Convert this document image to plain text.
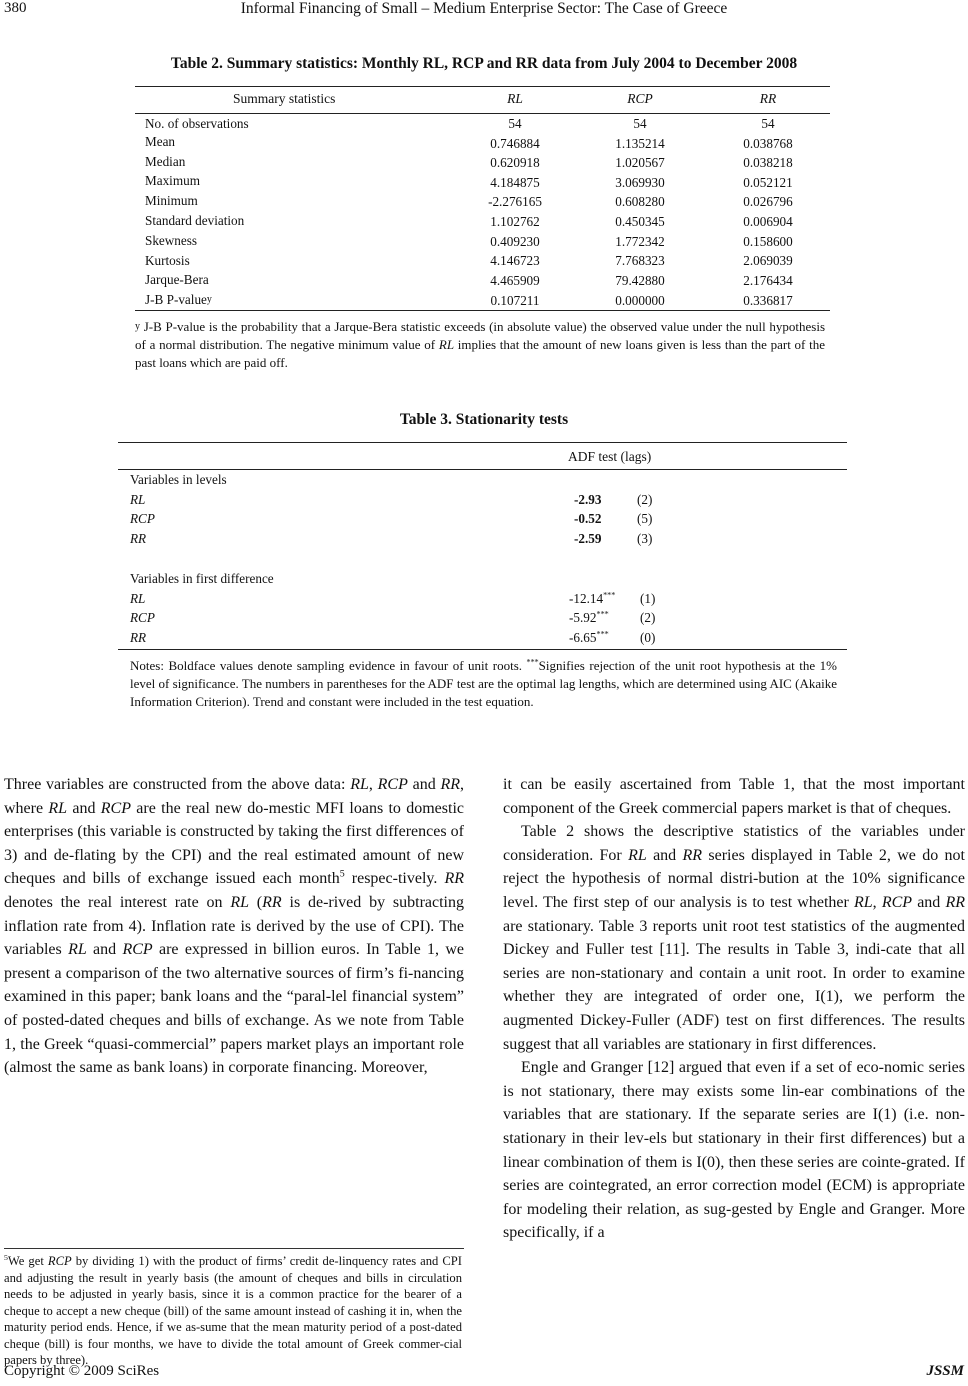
380	Informal Financing of Small – Medium Enterprise Sector: The Case of Greece
Table 2. Summary statistics: Monthly RL, RCP and RR data from July 2004 to December 2008
Summary statistics	RL	RCP	RR
No. of observations	54	54	54
Mean	0.746884	1.135214	0.038768
Median	0.620918	1.020567	0.038218
Maximum	4.184875	3.069930	0.052121
Minimum	-2.276165	0.608280	0.026796
Standard deviation	1.102762	0.450345	0.006904
Skewness	0.409230	1.772342	0.158600
Kurtosis	4.146723	7.768323	2.069039
Jarque-Bera	4.465909	79.42880	2.176434
J-B P-valuey	0.107211	0.000000	0.336817
y J-B P-value is the probability that a Jarque-Bera statistic exceeds (in absolute value) the observed value under the null hypothesis of a normal distribution. The negative minimum value of RL implies that the amount of new loans given is less than the part of the past loans which are paid off.
Table 3. Stationarity tests
ADF test (lags)
Variables in levels
RL	-2.93	(2)
RCP	-0.52	(5)
RR	-2.59	(3)
Variables in first difference
RL	-12.14*** (1)
RCP	-5.92*** (2)
RR	-6.65*** (0)
Notes: Boldface values denote sampling evidence in favour of unit roots. ***Signifies rejection of the unit root hypothesis at the 1% level of significance. The numbers in parentheses for the ADF test are the optimal lag lengths, which are determined using AIC (Akaike Information Criterion). Trend and constant were included in the test equation.

Three variables are constructed from the above data: RL, RCP and RR, where RL and RCP are the real new do-mestic MFI loans to domestic enterprises (this variable is constructed by taking the first differences of 3) and de-flating by the CPI) and the real estimated amount of new cheques and bills of exchange issued each month$^5$ respec-tively. RR denotes the real interest rate on RL (RR is de-rived by subtracting inflation rate from 4). Inflation rate is derived by the use of CPI). The variables RL and RCP are expressed in billion euros. In Table 1, we present a comparison of the two alternative sources of firm’s fi-nancing examined in this paper; bank loans and the “paral-lel financial system” of posted-dated cheques and bills of exchange. As we note from Table 1, the Greek “quasi-commercial” papers market plays an important role (almost the same as bank loans) in corporate financing. Moreover,

$^5$We get RCP by dividing 1) with the product of firms’ credit de-linquency rates and CPI and adjusting the result in yearly basis (the amount of cheques and bills in circulation needs to be adjusted in yearly basis, since it is a common practice for the bearer of a cheque to accept a new cheque (bill) of the same amount instead of cashing it in, when the maturity period ends. Hence, if we as-sume that the mean maturity period of a post-dated cheque (bill) is four months, we have to divide the total amount of Greek commer-cial papers by three).

it can be easily ascertained from Table 1, that the most important component of the Greek commercial papers market is that of cheques.

Table 2 shows the descriptive statistics of the variables under consideration. For RL and RR series displayed in Table 2, we do not reject the hypothesis of normal distri-bution at the 10% significance level. The first step of our analysis is to test whether RL, RCP and RR are stationary. Table 3 reports unit root test statistics of the augmented Dickey and Fuller test [11]. The results in Table 3, indi-cate that all series are non-stationary and contain a unit root. In order to examine whether they are integrated of order one, I(1), we perform the augmented Dickey-Fuller (ADF) test on first differences. The results suggest that all variables are stationary in first differences.

Engle and Granger [12] argued that even if a set of eco-nomic series is not stationary, there may exists some lin-ear combinations of the variables that are stationary. If the separate series are I(1) (i.e. non-stationary in their lev-els but stationary in their first differences) but a linear combination of them is I(0), then these series are cointe-grated. If series are cointegrated, an error correction model (ECM) is appropriate for modeling their relation, as sug-gested by Engle and Granger. More specifically, if a

Copyright © 2009 SciRes	JSSM
